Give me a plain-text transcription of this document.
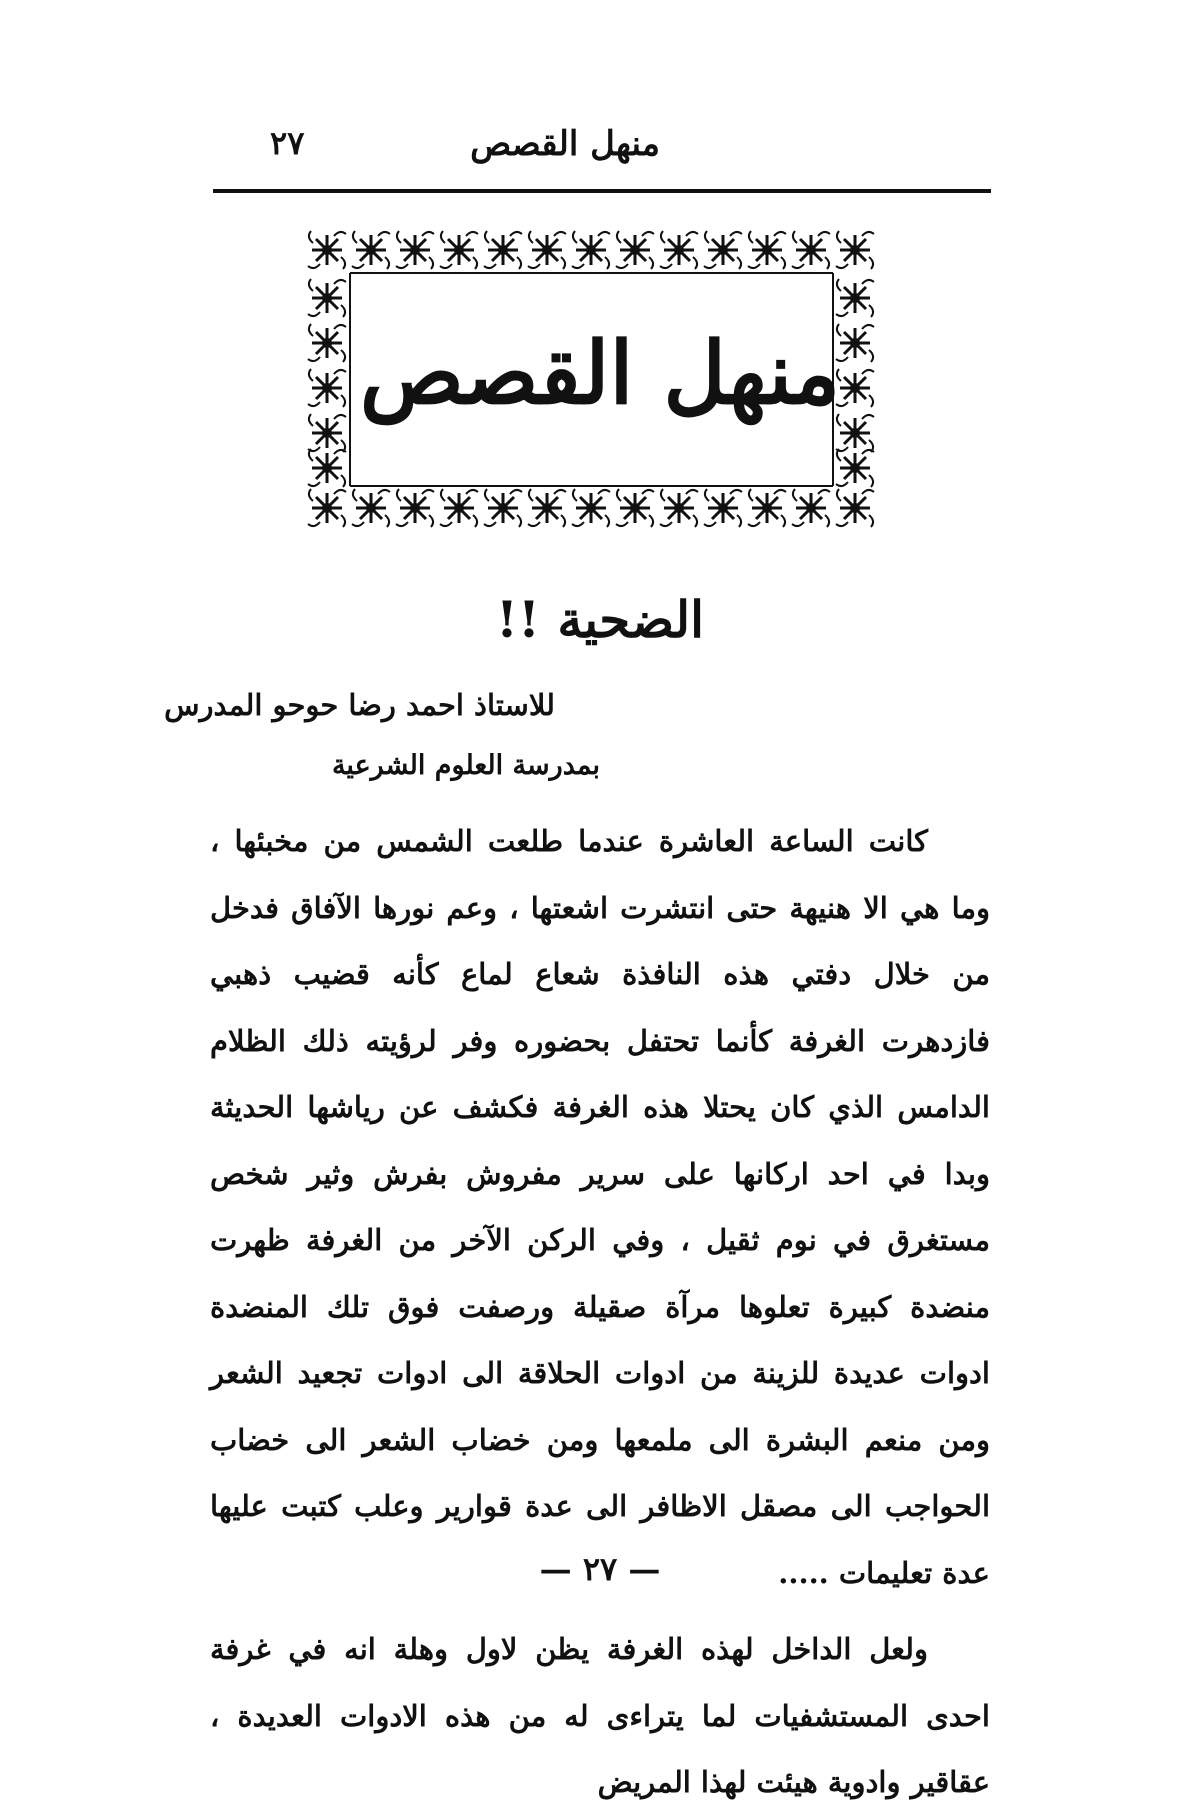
منهل القصص
٢٧
منهل القصص
الضحية !!
للاستاذ احمد رضا حوحو المدرس
بمدرسة العلوم الشرعية

كانت الساعة العاشرة عندما طلعت الشمس من مخبئها ، وما هي الا هنيهة حتى انتشرت اشعتها ، وعم نورها الآفاق فدخل من خلال دفتي هذه النافذة شعاع لماع كأنه قضيب ذهبي فازدهرت الغرفة كأنما تحتفل بحضوره وفر لرؤيته ذلك الظلام الدامس الذي كان يحتلا هذه الغرفة فكشف عن رياشها الحديثة وبدا في احد اركانها على سرير مفروش بفرش وثير شخص مستغرق في نوم ثقيل ، وفي الركن الآخر من الغرفة ظهرت منضدة كبيرة تعلوها مرآة صقيلة ورصفت فوق تلك المنضدة ادوات عديدة للزينة من ادوات الحلاقة الى ادوات تجعيد الشعر ومن منعم البشرة الى ملمعها ومن خضاب الشعر الى خضاب الحواجب الى مصقل الاظافر الى عدة قوارير وعلب كتبت عليها عدة تعليمات .....

ولعل الداخل لهذه الغرفة يظن لاول وهلة انه في غرفة احدى المستشفيات لما يتراءى له من هذه الادوات العديدة ، عقاقير وادوية هيئت لهذا المريض

— ٢٧ —
